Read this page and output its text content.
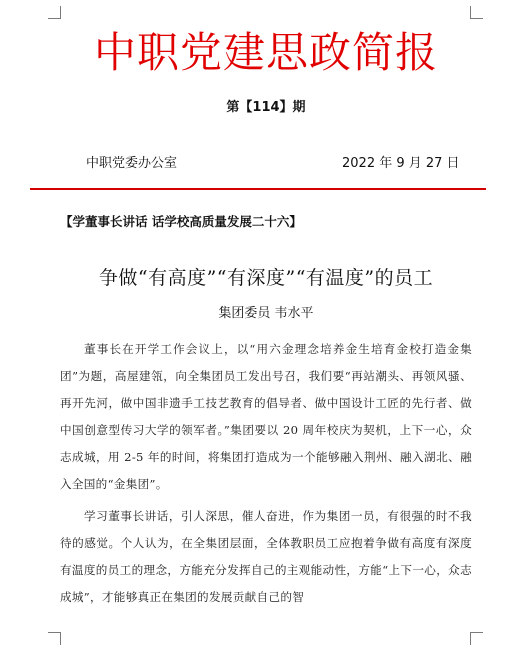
中职党建思政简报
第【114】期
中职党委办公室	2022 年 9 月 27 日
【学董事长讲话 话学校高质量发展二十六】
争做“有高度”“有深度”“有温度”的员工
集团委员 韦水平

董事长在开学工作会议上，以“用六金理念培养金生培育金校打造金集团”为题，高屋建瓴，向全集团员工发出号召，我们要“再站潮头、再领风骚、再开先河，做中国非遗手工技艺教育的倡导者、做中国设计工匠的先行者、做中国创意型传习大学的领军者。”集团要以 20 周年校庆为契机，上下一心，众志成城，用 2-5 年的时间，将集团打造成为一个能够融入荆州、融入湖北、融入全国的“金集团”。

学习董事长讲话，引人深思，催人奋进，作为集团一员，有很强的时不我待的感觉。个人认为，在全集团层面，全体教职员工应抱着争做有高度有深度有温度的员工的理念，方能充分发挥自己的主观能动性，方能“上下一心，众志成城”，才能够真正在集团的发展贡献自己的智
